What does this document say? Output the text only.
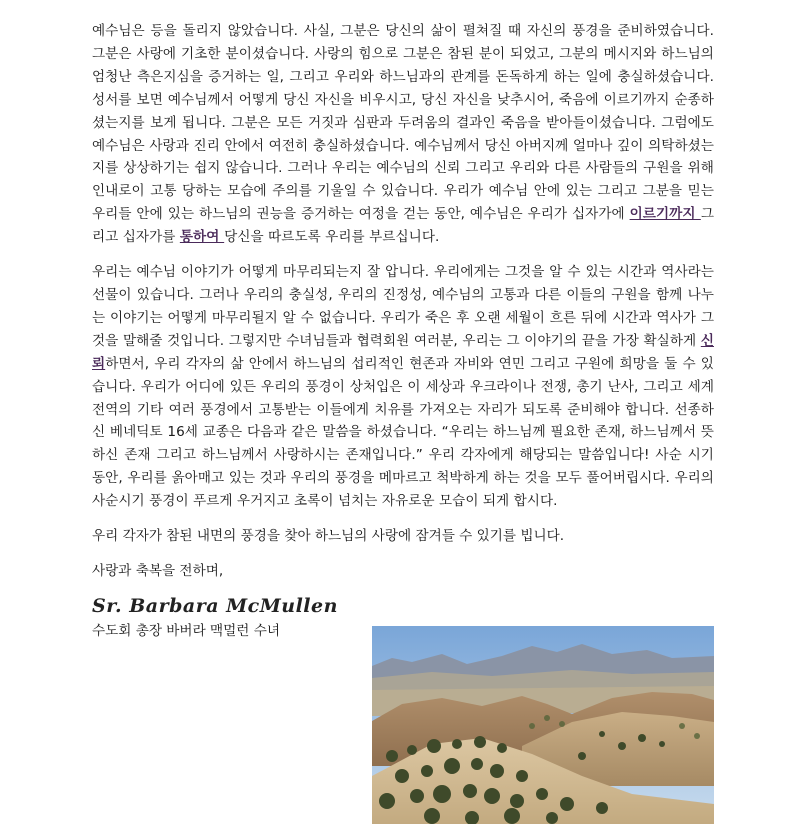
예수님은 등을 돌리지 않았습니다. 사실, 그분은 당신의 삶이 펼쳐질 때 자신의 풍경을 준비하였습니다. 그분은 사랑에 기초한 분이셨습니다. 사랑의 힘으로 그분은 참된 분이 되었고, 그분의 메시지와 하느님의 엄청난 측은지심을 증거하는 일, 그리고 우리와 하느님과의 관계를 돈독하게 하는 일에 충실하셨습니다. 성서를 보면 예수님께서 어떻게 당신 자신을 비우시고, 당신 자신을 낮추시어, 죽음에 이르기까지 순종하셨는지를 보게 됩니다. 그분은 모든 거짓과 심판과 두려움의 결과인 죽음을 받아들이셨습니다. 그럼에도 예수님은 사랑과 진리 안에서 여전히 충실하셨습니다. 예수님께서 당신 아버지께 얼마나 깊이 의탁하셨는지를 상상하기는 쉽지 않습니다. 그러나 우리는 예수님의 신뢰 그리고 우리와 다른 사람들의 구원을 위해 인내로이 고통 당하는 모습에 주의를 기울일 수 있습니다. 우리가 예수님 안에 있는 그리고 그분을 믿는 우리들 안에 있는 하느님의 권능을 증거하는 여정을 걷는 동안, 예수님은 우리가 십자가에 이르기까지 그리고 십자가를 통하여 당신을 따르도록 우리를 부르십니다.

우리는 예수님 이야기가 어떻게 마무리되는지 잘 압니다. 우리에게는 그것을 알 수 있는 시간과 역사라는 선물이 있습니다. 그러나 우리의 충실성, 우리의 진정성, 예수님의 고통과 다른 이들의 구원을 함께 나누는 이야기는 어떻게 마무리될지 알 수 없습니다. 우리가 죽은 후 오랜 세월이 흐른 뒤에 시간과 역사가 그것을 말해줄 것입니다. 그렇지만 수녀님들과 협력회원 여러분, 우리는 그 이야기의 끝을 가장 확실하게 신뢰하면서, 우리 각자의 삶 안에서 하느님의 섭리적인 현존과 자비와 연민 그리고 구원에 희망을 둘 수 있습니다. 우리가 어디에 있든 우리의 풍경이 상처입은 이 세상과 우크라이나 전쟁, 총기 난사, 그리고 세계 전역의 기타 여러 풍경에서 고통받는 이들에게 치유를 가져오는 자리가 되도록 준비해야 합니다. 선종하신 베네딕토 16세 교종은 다음과 같은 말씀을 하셨습니다. “우리는 하느님께 필요한 존재, 하느님께서 뜻하신 존재 그리고 하느님께서 사랑하시는 존재입니다.” 우리 각자에게 해당되는 말씀입니다! 사순 시기 동안, 우리를 옭아매고 있는 것과 우리의 풍경을 메마르고 척박하게 하는 것을 모두 풀어버립시다. 우리의 사순시기 풍경이 푸르게 우거지고 초록이 넘치는 자유로운 모습이 되게 합시다.

우리 각자가 참된 내면의 풍경을 찾아 하느님의 사랑에 잠겨들 수 있기를 빕니다.

사랑과 축복을 전하며,

Sr. Barbara McMullen
수도회 총장 바버라 맥멀런 수녀
